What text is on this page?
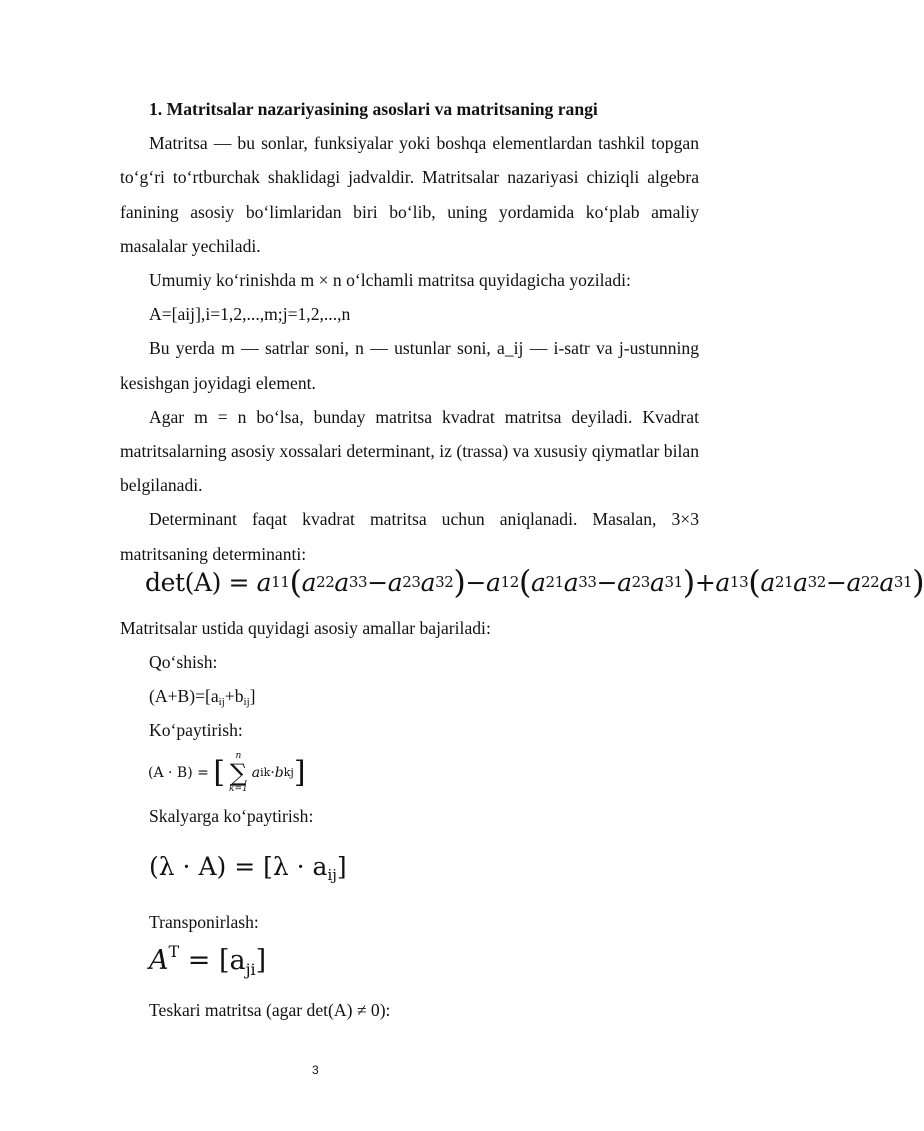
1. Matritsalar nazariyasining asoslari va matritsaning rangi

Matritsa — bu sonlar, funksiyalar yoki boshqa elementlardan tashkil topgan to‘g‘ri to‘rtburchak shaklidagi jadvaldir. Matritsalar nazariyasi chiziqli algebra fanining asosiy bo‘limlaridan biri bo‘lib, uning yordamida ko‘plab amaliy masalalar yechiladi.

Umumiy ko‘rinishda m × n o‘lchamli matritsa quyidagicha yoziladi:

A=[aij],i=1,2,...,m;j=1,2,...,n

Bu yerda m — satrlar soni, n — ustunlar soni, a_ij — i-satr va j-ustunning kesishgan joyidagi element.

Agar m = n bo‘lsa, bunday matritsa kvadrat matritsa deyiladi. Kvadrat matritsalarning asosiy xossalari determinant, iz (trassa) va xususiy qiymatlar bilan belgilanadi.

Determinant faqat kvadrat matritsa uchun aniqlanadi. Masalan, 3×3 matritsaning determinanti:

det(A) =
a 11 ( a 22 a 33 − a 23 a 32 ) − a 12 ( a 21 a 33 − a 23 a 31 ) + a 13 ( a 21 a 32 − a 22 a 31 )
Matritsalar ustida quyidagi asosiy amallar bajariladi:
Qo‘shish:
$(A+B)=[a_{ij}+b_{ij}]$
Ko‘paytirish:
(A · B) =
[ n
∑
k=1
a ik · b kj ]
Skalyarga ko‘paytirish:
$(\lambda \cdot A) = [\lambda \cdot a_{ij}]$
Transponirlash:
$A^T = [a_{ji}]$
Teskari matritsa (agar det(A) ≠ 0):
3
